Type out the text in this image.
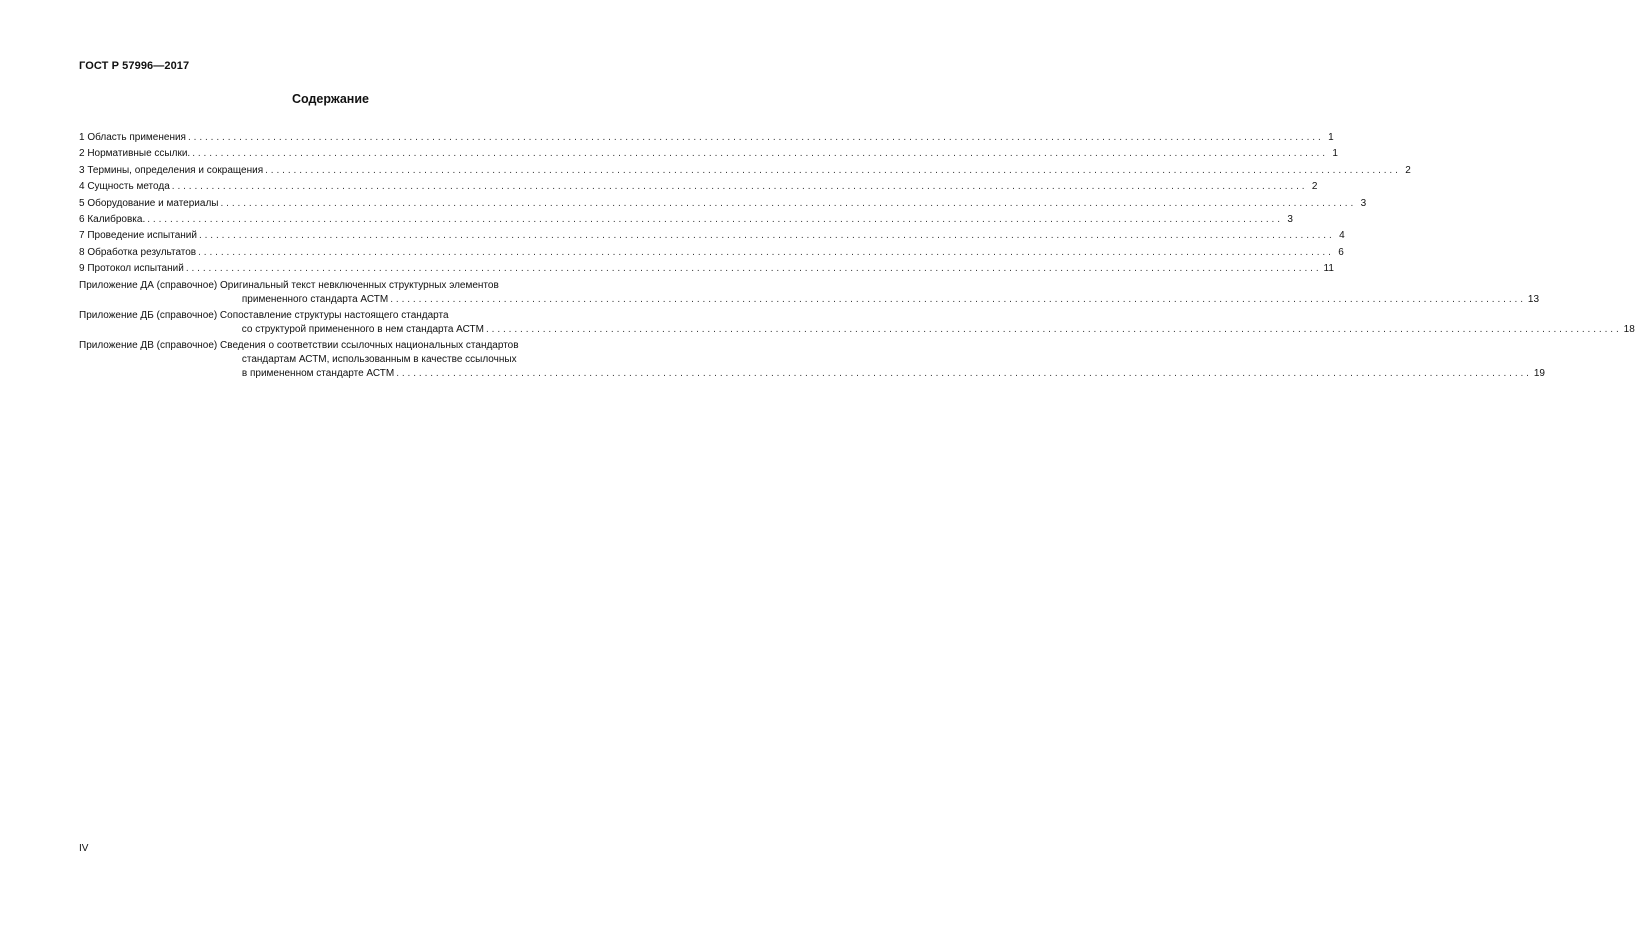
ГОСТ Р 57996—2017
Содержание
1 Область применения ........................................................................................................................................................................................................ 1
2 Нормативные ссылки. ........................................................................................................................................................................................................ 1
3 Термины, определения и сокращения ........................................................................................................................................................................................................ 2
4 Сущность метода ........................................................................................................................................................................................................ 2
5 Оборудование и материалы ........................................................................................................................................................................................................ 3
6 Калибровка. ........................................................................................................................................................................................................ 3
7 Проведение испытаний ........................................................................................................................................................................................................ 4
8 Обработка результатов ........................................................................................................................................................................................................ 6
9 Протокол испытаний ........................................................................................................................................................................................................ 11
Приложение ДА (справочное) Оригинальный текст невключенных структурных элементов
примененного стандарта АСТМ ........................................................................................................................................................................................................ 13
Приложение ДБ (справочное) Сопоставление структуры настоящего стандарта
со структурой примененного в нем стандарта АСТМ ........................................................................................................................................................................................................ 18
Приложение ДВ (справочное) Сведения о соответствии ссылочных национальных стандартов
стандартам АСТМ, использованным в качестве ссылочных
в примененном стандарте АСТМ ........................................................................................................................................................................................................ 19
IV
